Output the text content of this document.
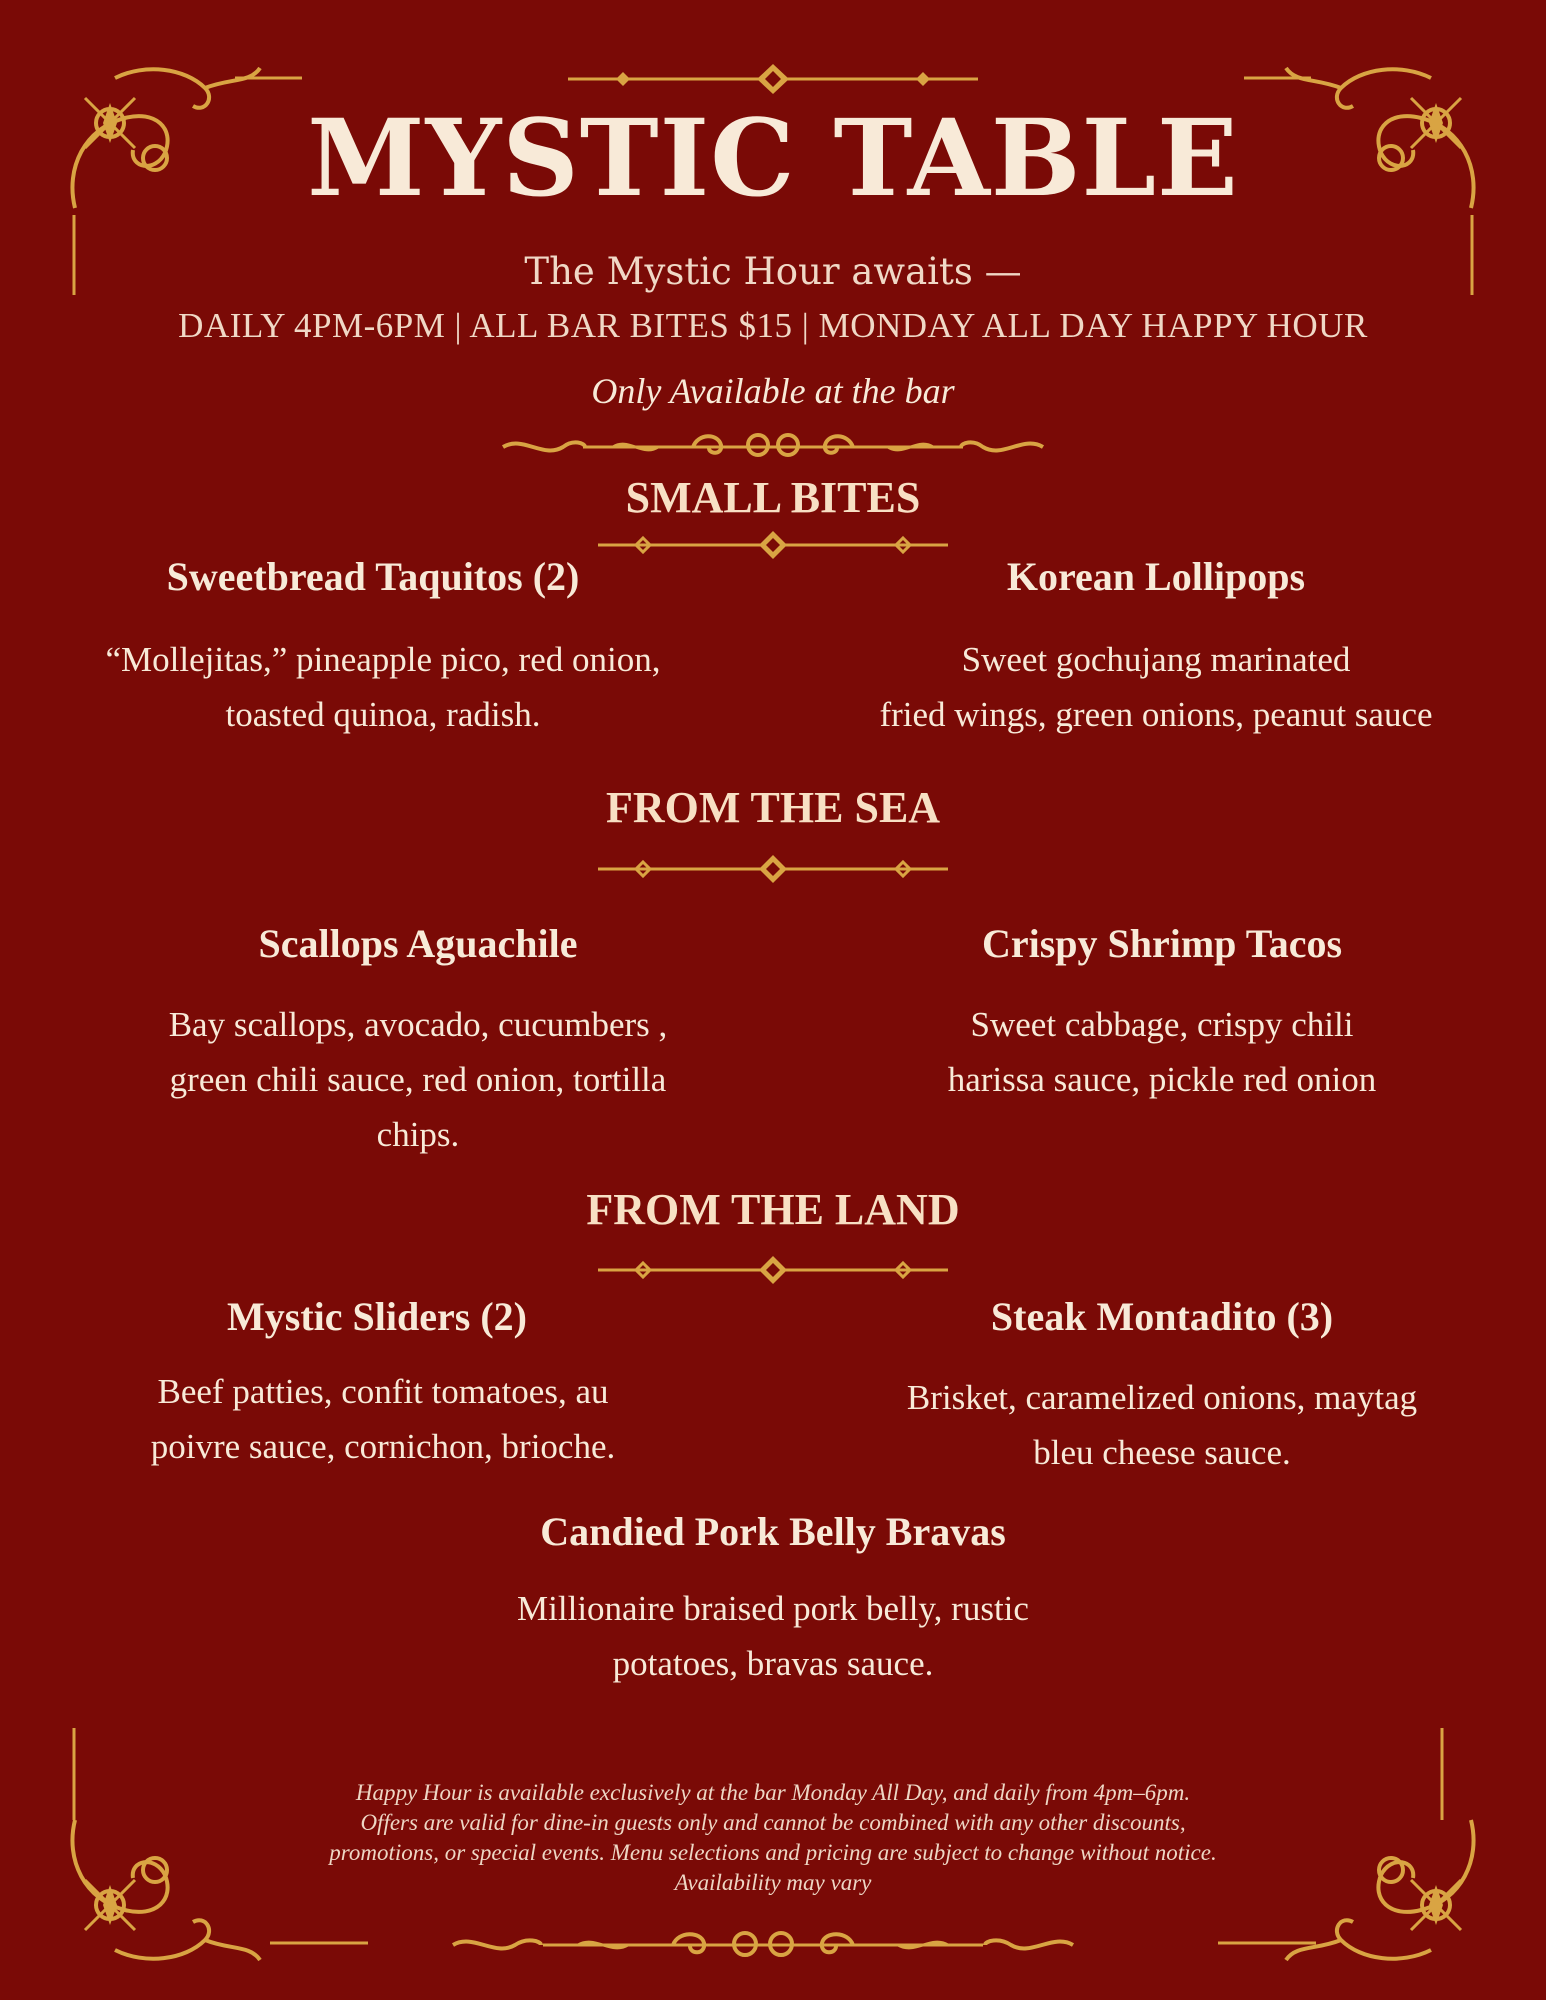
MYSTIC TABLE
The Mystic Hour awaits —
DAILY 4PM-6PM | ALL BAR BITES $15 | MONDAY ALL DAY HAPPY HOUR
Only Available at the bar
SMALL BITES
Sweetbread Taquitos (2)
“Mollejitas,” pineapple pico, red onion,
toasted quinoa, radish.
Korean Lollipops
Sweet gochujang marinated
fried wings, green onions, peanut sauce
FROM THE SEA
Scallops Aguachile
Bay scallops, avocado, cucumbers ,
green chili sauce, red onion, tortilla
chips.
Crispy Shrimp Tacos
Sweet cabbage, crispy chili
harissa sauce, pickle red onion
FROM THE LAND
Mystic Sliders (2)
Beef patties, confit tomatoes, au
poivre sauce, cornichon, brioche.
Steak Montadito (3)
Brisket, caramelized onions, maytag
bleu cheese sauce.
Candied Pork Belly Bravas
Millionaire braised pork belly, rustic
potatoes, bravas sauce.
Happy Hour is available exclusively at the bar Monday All Day, and daily from 4pm–6pm.
Offers are valid for dine-in guests only and cannot be combined with any other discounts,
promotions, or special events. Menu selections and pricing are subject to change without notice.
Availability may vary
